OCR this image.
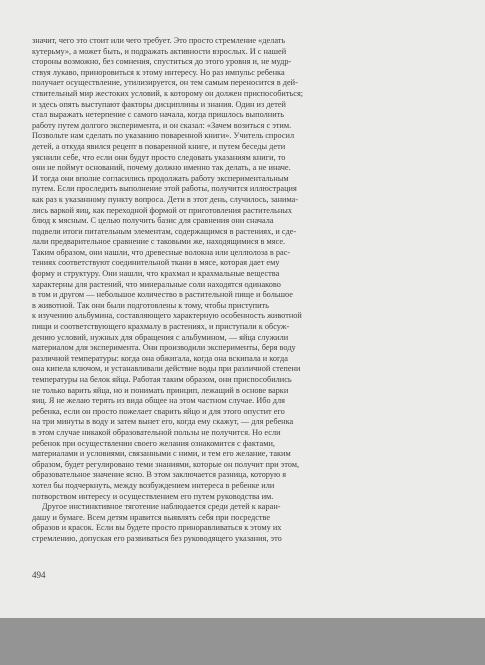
значит, чего это стоит или чего требует. Это просто стремление «делать
кутерьму», а может быть, и подражать активности взрослых. И с нашей
стороны возможно, без сомнения, спуститься до этого уровня и, не мудр-
ствуя лукаво, приноровиться к этому интересу. Но раз импульс ребенка
получает осуществление, утилизируется, он тем самым переносится в дей-
ствительный мир жестоких условий, к которому он должен приспособиться;
и здесь опять выступают факторы дисциплины и знания. Один из детей
стал выражать нетерпение с самого начала, когда пришлось выполнить
работу путем долгого эксперимента, и он сказал: «Зачем возиться с этим.
Позвольте нам сделать по указанию поваренной книги». Учитель спросил
детей, а откуда явился рецепт в поваренной книге, и путем беседы дети
уяснили себе, что если они будут просто следовать указаниям книги, то
они не поймут оснований, почему должно именно так делать, а не иначе.
И тогда они вполне согласились продолжать работу экспериментальным
путем. Если проследить выполнение этой работы, получится иллюстрация
как раз к указанному пункту вопроса. Дети в этот день, случилось, занима-
лись варкой яиц, как переходной формой от приготовления растительных
блюд к мясным. С целью получить базис для сравнения они сначала
подвели итоги питательным элементам, содержащимся в растениях, и сде-
лали предварительное сравнение с таковыми же, находящимися в мясе.
Таким образом, они нашли, что древесные волокна или целлюлоза в рас-
тениях соответствуют соединительной ткани в мясе, которая дает ему
форму и структуру. Они нашли, что крахмал и крахмальные вещества
характерны для растений, что минеральные соли находятся одинаково
в том и другом — небольшое количество в растительной пище и большое
в животной. Так они были подготовлены к тому, чтобы приступить
к изучению альбумина, составляющего характерную особенность животной
пищи и соответствующего крахмалу в растениях, и приступали к обсуж-
дению условий, нужных для обращения с альбумином, — яйца служили
материалом для эксперимента. Они производили эксперименты, беря воду
различной температуры: когда она обжигала, когда она вскипала и когда
она кипела ключом, и устанавливали действие воды при различной степени
температуры на белок яйца. Работая таким образом, они приспособились
не только варить яйца, но и понимать принцип, лежащий в основе варки
яиц. Я не желаю терять из вида общее на этом частном случае. Ибо для
ребенка, если он просто пожелает сварить яйцо и для этого опустит его
на три минуты в воду и затем вынет его, когда ему скажут, — для ребенка
в этом случае никакой образовательной пользы не получится. Но если
ребенок при осуществлении своего желания ознакомится с фактами,
материалами и условиями, связанными с ними, и тем его желание, таким
образом, будет регулировано теми знаниями, которые он получит при этом,
образовательное значение ясно. В этом заключается разница, которую я
хотел бы подчеркнуть, между возбуждением интереса в ребенке или
потворством интересу и осуществлением его путем руководства им.
Другое инстинктивное тяготение наблюдается среди детей к каран-
дашу и бумаге. Всем детям нравится выявлять себя при посредстве
образов и красок. Если вы будете просто приноравливаться к этому их
стремлению, допуская его развиваться без руководящего указания, это
494
